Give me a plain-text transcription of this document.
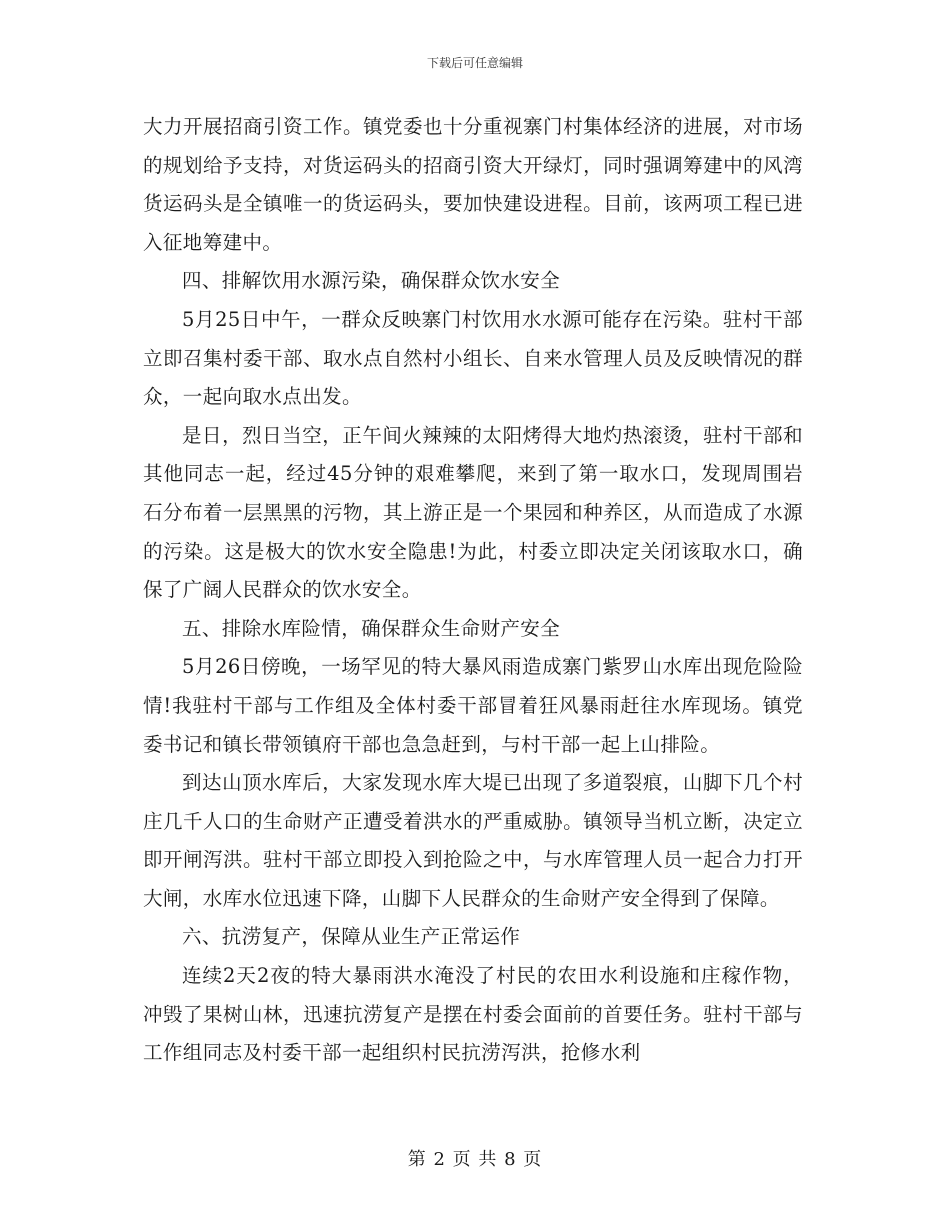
下载后可任意编辑

大力开展招商引资工作。镇党委也十分重视寨门村集体经济的进展，对市场的规划给予支持，对货运码头的招商引资大开绿灯，同时强调筹建中的风湾货运码头是全镇唯一的货运码头，要加快建设进程。目前，该两项工程已进入征地筹建中。

四、排解饮用水源污染，确保群众饮水安全

5月25日中午，一群众反映寨门村饮用水水源可能存在污染。驻村干部立即召集村委干部、取水点自然村小组长、自来水管理人员及反映情况的群众，一起向取水点出发。

是日，烈日当空，正午间火辣辣的太阳烤得大地灼热滚烫，驻村干部和其他同志一起，经过45分钟的艰难攀爬，来到了第一取水口，发现周围岩石分布着一层黑黑的污物，其上游正是一个果园和种养区，从而造成了水源的污染。这是极大的饮水安全隐患!为此，村委立即决定关闭该取水口，确保了广阔人民群众的饮水安全。

五、排除水库险情，确保群众生命财产安全

5月26日傍晚，一场罕见的特大暴风雨造成寨门紫罗山水库出现危险险情!我驻村干部与工作组及全体村委干部冒着狂风暴雨赶往水库现场。镇党委书记和镇长带领镇府干部也急急赶到，与村干部一起上山排险。

到达山顶水库后，大家发现水库大堤已出现了多道裂痕，山脚下几个村庄几千人口的生命财产正遭受着洪水的严重威胁。镇领导当机立断，决定立即开闸泻洪。驻村干部立即投入到抢险之中，与水库管理人员一起合力打开大闸，水库水位迅速下降，山脚下人民群众的生命财产安全得到了保障。

六、抗涝复产，保障从业生产正常运作

连续2天2夜的特大暴雨洪水淹没了村民的农田水利设施和庄稼作物，冲毁了果树山林，迅速抗涝复产是摆在村委会面前的首要任务。驻村干部与工作组同志及村委干部一起组织村民抗涝泻洪，抢修水利

第 2 页 共 8 页
